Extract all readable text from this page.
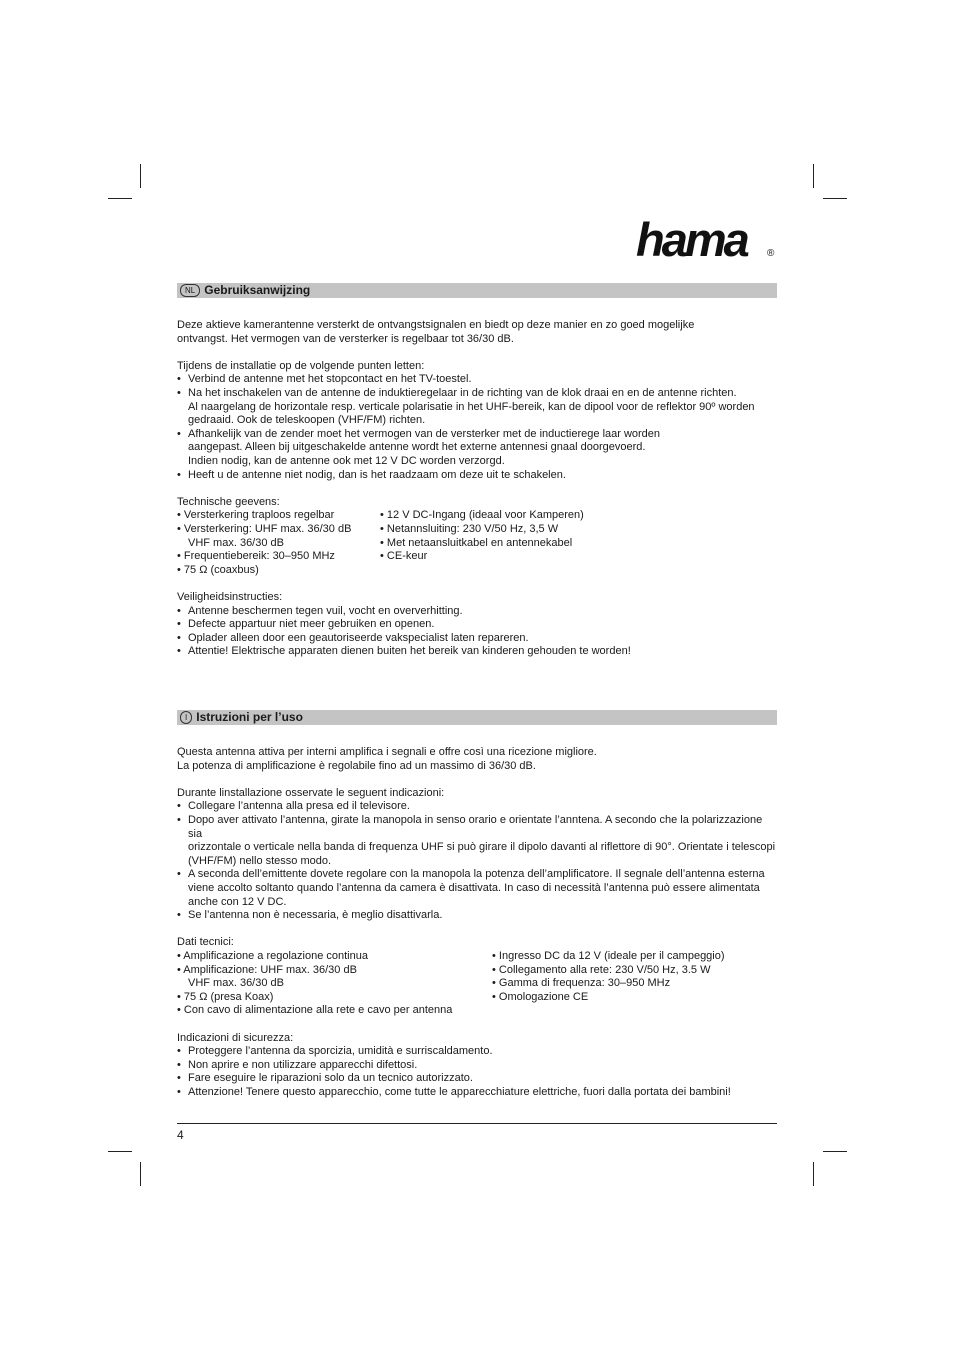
hama ®
NL Gebruiksanwijzing

Deze aktieve kamerantenne versterkt de ontvangstsignalen en biedt op deze manier en zo goed mogelijke

ontvangst. Het vermogen van de versterker is regelbaar tot 36/30 dB.

Tijdens de installatie op de volgende punten letten:

• Verbind de antenne met het stopcontact en het TV-toestel.
• Na het inschakelen van de antenne de induktieregelaar in de richting van de klok draai en en de antenne richten.
Al naargelang de horizontale resp. verticale polarisatie in het UHF-bereik, kan de dipool voor de reflektor 90º worden
gedraaid. Ook de teleskoopen (VHF/FM) richten.
• Afhankelijk van de zender moet het vermogen van de versterker met de inductieregе laar worden
aangepast. Alleen bij uitgeschakelde antenne wordt het externe antennesi gnaal doorgevoerd.
Indien nodig, kan de antenne ook met 12 V DC worden verzorgd.
• Heeft u de antenne niet nodig, dan is het raadzaam om deze uit te schakelen.

Technische geevens:

• Versterkering traploos regelbar
• Versterkering: UHF max. 36/30 dB
VHF max. 36/30 dB
• Frequentiebereik: 30–950 MHz
• 75 Ω (coaxbus)
• 12 V DC-Ingang (ideaal voor Kamperen)
• Netannsluiting: 230 V/50 Hz, 3,5 W
• Met netaansluitkabel en antennekabel
• CE-keur

Veiligheidsinstructies:

• Antenne beschermen tegen vuil, vocht en oververhitting.
• Defecte appartuur niet meer gebruiken en openen.
• Oplader alleen door een geautoriseerde vakspecialist laten repareren.
• Attentie! Elektrische apparaten dienen buiten het bereik van kinderen gehouden te worden!
I Istruzioni per l’uso

Questa antenna attiva per interni amplifica i segnali e offre così una ricezione migliore.

La potenza di amplificazione è regolabile fino ad un massimo di 36/30 dB.

Durante linstallazione osservate le seguent indicazioni:

• Collegare l’antenna alla presa ed il televisore.
• Dopo aver attivato l’antenna, girate la manopola in senso orario e orientate l’anntena. A secondo che la polarizzazione sia
orizzontale o verticale nella banda di frequenza UHF si può girare il dipolo davanti al riflettore di 90°. Orientate i telescopi
(VHF/FM) nello stesso modo.
• A seconda dell’emittente dovete regolare con la manopola la potenza dell’amplificatore. Il segnale dell’antenna esterna
viene accolto soltanto quando l’antenna da camera è disattivata. In caso di necessità l’antenna può essere alimentata
anche con 12 V DC.
• Se l’antenna non è necessaria, è meglio disattivarla.

Dati tecnici:

• Amplificazione a regolazione continua
• Amplificazione: UHF max. 36/30 dB
VHF max. 36/30 dB
• 75 Ω (presa Koax)
• Con cavo di alimentazione alla rete e cavo per antenna
• Ingresso DC da 12 V (ideale per il campeggio)
• Collegamento alla rete: 230 V/50 Hz, 3.5 W
• Gamma di frequenza: 30–950 MHz
• Omologazione CE

Indicazioni di sicurezza:

• Proteggere l’antenna da sporcizia, umidità e surriscaldamento.
• Non aprire e non utilizzare apparecchi difettosi.
• Fare eseguire le riparazioni solo da un tecnico autorizzato.
• Attenzione! Tenere questo apparecchio, come tutte le apparecchiature elettriche, fuori dalla portata dei bambini!
4
